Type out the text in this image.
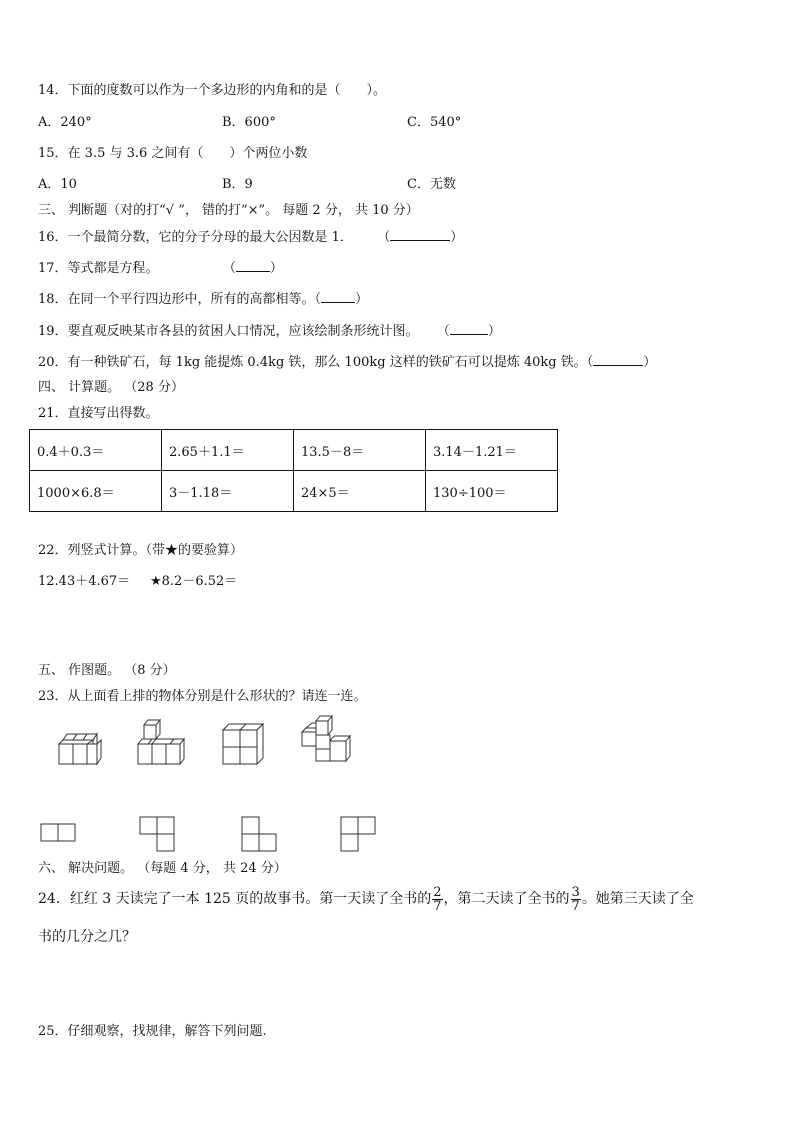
14．下面的度数可以作为一个多边形的内角和的是（　　）。
A．240°	B．600°	C．540°
15．在 3.5 与 3.6 之间有（　　）个两位小数
A．10	B．9	C．无数
三、 判断题（对的打“√ ”， 错的打“×”。 每题 2 分， 共 10 分）
16．一个最简分数，它的分子分母的最大公因数是 1． （	）
17．等式都是方程。	（	）
18．在同一个平行四边形中，所有的高都相等。（	）
19．要直观反映某市各县的贫困人口情况，应该绘制条形统计图。 （	）
20．有一种铁矿石，每 1kg 能提炼 0.4kg 铁，那么 100kg 这样的铁矿石可以提炼 40kg 铁。（	）
四、 计算题。 （28 分）
21．直接写出得数。
0.4＋0.3＝	2.65＋1.1＝	13.5－8＝	3.14－1.21＝
1000×6.8＝	3－1.18＝	24×5＝	130÷100＝
22．列竖式计算。（带★的要验算）
12.43＋4.67＝ ★8.2－6.52＝
五、 作图题。 （8 分）
23．从上面看上排的物体分别是什么形状的？请连一连。
六、 解决问题。 （每题 4 分， 共 24 分）
24．红红 3 天读完了一本 125 页的故事书。第一天读了全书的 $\frac{2}{7}$ ，第二天读了全书的 $\frac{3}{7}$ 。她第三天读了全
书的几分之几？
25．仔细观察，找规律，解答下列问题.
